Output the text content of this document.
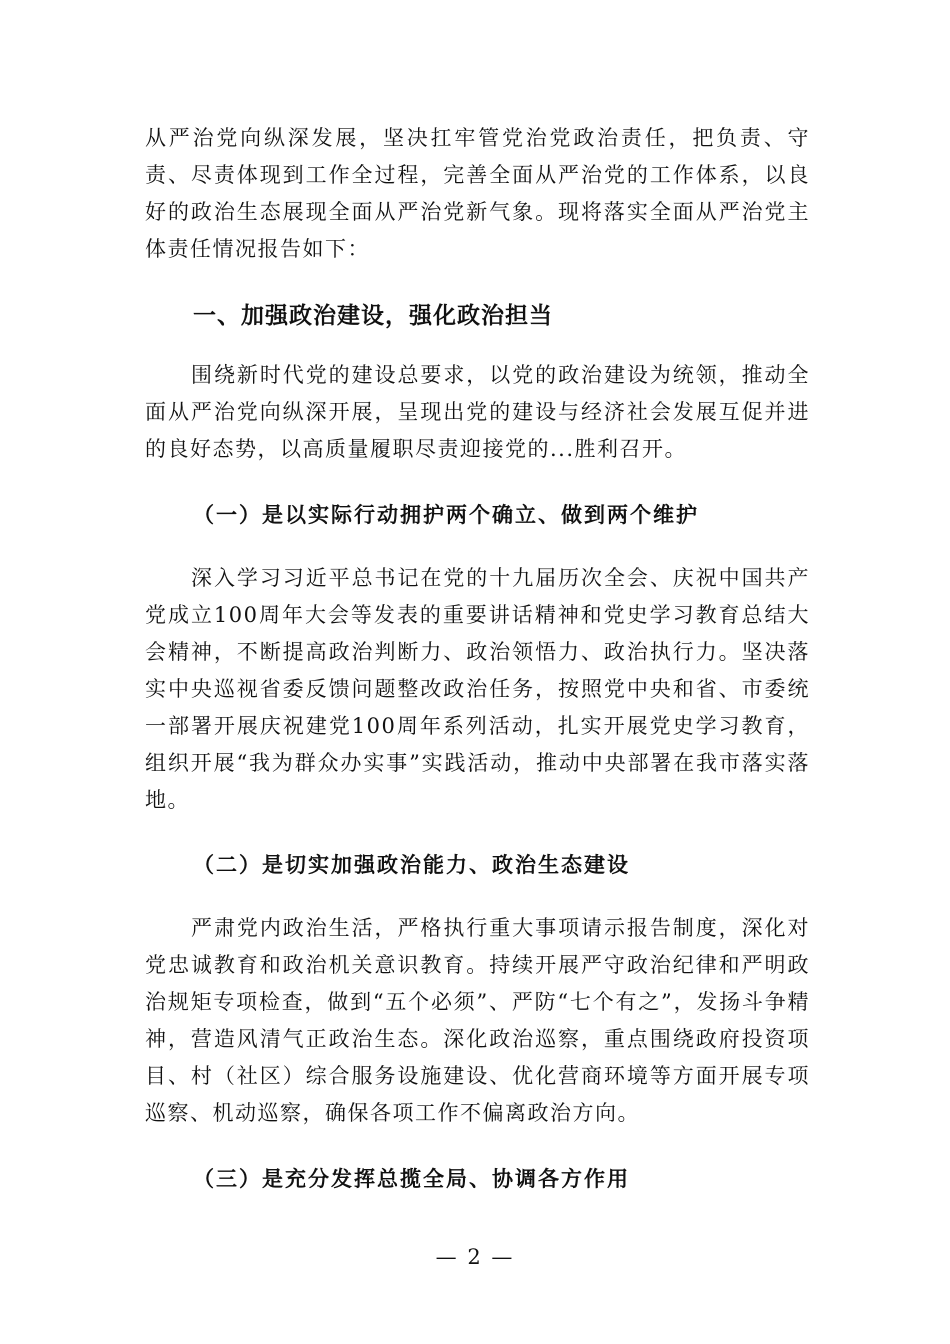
从严治党向纵深发展，坚决扛牢管党治党政治责任，把负责、守责、尽责体现到工作全过程，完善全面从严治党的工作体系，以良好的政治生态展现全面从严治党新气象。现将落实全面从严治党主体责任情况报告如下：

一、加强政治建设，强化政治担当

围绕新时代党的建设总要求，以党的政治建设为统领，推动全面从严治党向纵深开展，呈现出党的建设与经济社会发展互促并进的良好态势，以高质量履职尽责迎接党的...胜利召开。

（一）是以实际行动拥护两个确立、做到两个维护

深入学习习近平总书记在党的十九届历次全会、庆祝中国共产党成立100周年大会等发表的重要讲话精神和党史学习教育总结大会精神，不断提高政治判断力、政治领悟力、政治执行力。坚决落实中央巡视省委反馈问题整改政治任务，按照党中央和省、市委统一部署开展庆祝建党100周年系列活动，扎实开展党史学习教育，组织开展“我为群众办实事”实践活动，推动中央部署在我市落实落地。

（二）是切实加强政治能力、政治生态建设

严肃党内政治生活，严格执行重大事项请示报告制度，深化对党忠诚教育和政治机关意识教育。持续开展严守政治纪律和严明政治规矩专项检查，做到“五个必须”、严防“七个有之”，发扬斗争精神，营造风清气正政治生态。深化政治巡察，重点围绕政府投资项目、村（社区）综合服务设施建设、优化营商环境等方面开展专项巡察、机动巡察，确保各项工作不偏离政治方向。

（三）是充分发挥总揽全局、协调各方作用

— 2 —
